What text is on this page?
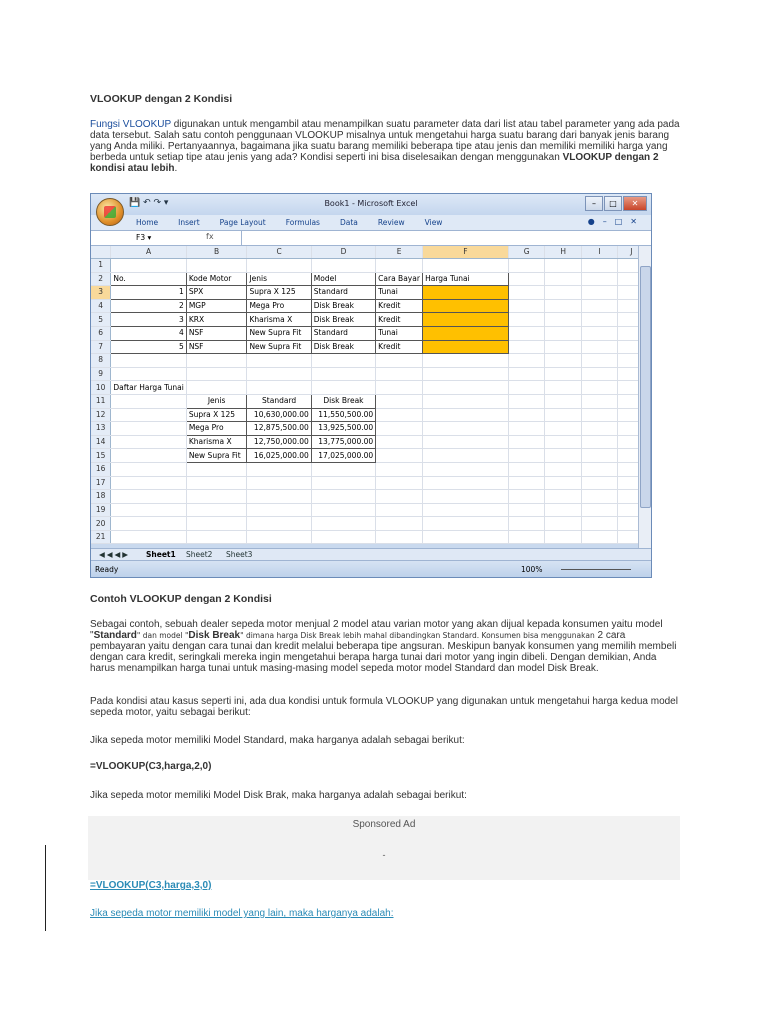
VLOOKUP dengan 2 Kondisi

Fungsi VLOOKUP digunakan untuk mengambil atau menampilkan suatu parameter data dari list atau tabel parameter yang ada pada data tersebut. Salah satu contoh penggunaan VLOOKUP misalnya untuk mengetahui harga suatu barang dari banyak jenis barang yang Anda miliki. Pertanyaannya, bagaimana jika suatu barang memiliki beberapa tipe atau jenis dan memiliki memiliki harga yang berbeda untuk setiap tipe atau jenis yang ada? Kondisi seperti ini bisa diselesaikan dengan menggunakan VLOOKUP dengan 2 kondisi atau lebih.

💾 ↶ ↷ ▾	Book1 - Microsoft Excel	–	□	✕
Home	Insert	Page Layout	Formulas	Data	Review	View	●–□✕
F3 ▾	fx
	A	B	C	D	E	F	G	H	I	J	
1											
2	No.	Kode Motor	Jenis	Model	Cara Bayar	Harga Tunai					
3	1	SPX	Supra X 125	Standard	Tunai						
4	2	MGP	Mega Pro	Disk Break	Kredit						
5	3	KRX	Kharisma X	Disk Break	Kredit						
6	4	NSF	New Supra Fit	Standard	Tunai						
7	5	NSF	New Supra Fit	Disk Break	Kredit						
8											
9											
10	Daftar Harga Tunai										
11		Jenis	Standard	Disk Break							
12		Supra X 125	10,630,000.00	11,550,500.00							
13		Mega Pro	12,875,500.00	13,925,500.00							
14		Kharisma X	12,750,000.00	13,775,000.00							
15		New Supra Fit	16,025,000.00	17,025,000.00							
16											
17											
18											
19											
20											
21											
◀◀◀▶ Sheet1 Sheet2 Sheet3
Ready	100%
Contoh VLOOKUP dengan 2 Kondisi

Sebagai contoh, sebuah dealer sepeda motor menjual 2 model atau varian motor yang akan dijual kepada konsumen yaitu model "Standard" dan model "Disk Break" dimana harga Disk Break lebih mahal dibandingkan Standard. Konsumen bisa menggunakan 2 cara pembayaran yaitu dengan cara tunai dan kredit melalui beberapa tipe angsuran. Meskipun banyak konsumen yang memilih membeli dengan cara kredit, seringkali mereka ingin mengetahui berapa harga tunai dari motor yang ingin dibeli. Dengan demikian, Anda harus menampilkan harga tunai untuk masing-masing model sepeda motor model Standard dan model Disk Break.

Pada kondisi atau kasus seperti ini, ada dua kondisi untuk formula VLOOKUP yang digunakan untuk mengetahui harga kedua model sepeda motor, yaitu sebagai berikut:

Jika sepeda motor memiliki Model Standard, maka harganya adalah sebagai berikut:

=VLOOKUP(C3,harga,2,0)

Jika sepeda motor memiliki Model Disk Brak, maka harganya adalah sebagai berikut:

Sponsored Ad
-
=VLOOKUP(C3,harga,3,0)
Jika sepeda motor memiliki model yang lain, maka harganya adalah:
